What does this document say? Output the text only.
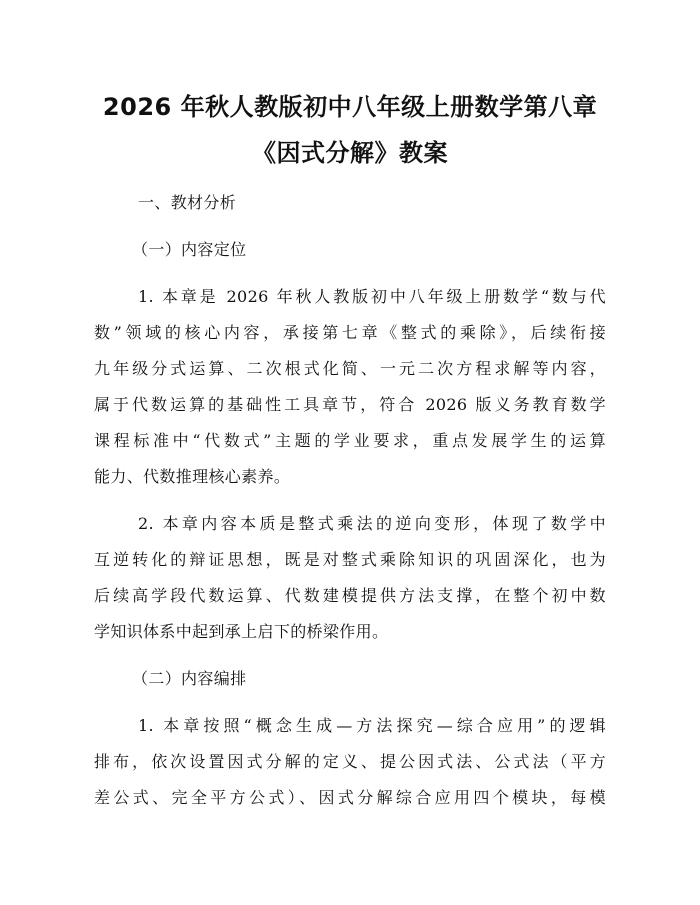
2026 年秋人教版初中八年级上册数学第八章
《因式分解》教案
一、教材分析
（一）内容定位
1. 本章是 2026 年秋人教版初中八年级上册数学“数与代
数”领域的核心内容，承接第七章《整式的乘除》，后续衔接
九年级分式运算、二次根式化简、一元二次方程求解等内容，
属于代数运算的基础性工具章节，符合 2026 版义务教育数学
课程标准中“代数式”主题的学业要求，重点发展学生的运算
能力、代数推理核心素养。
2. 本章内容本质是整式乘法的逆向变形，体现了数学中
互逆转化的辩证思想，既是对整式乘除知识的巩固深化，也为
后续高学段代数运算、代数建模提供方法支撑，在整个初中数
学知识体系中起到承上启下的桥梁作用。
（二）内容编排
1. 本章按照“概念生成—方法探究—综合应用”的逻辑
排布，依次设置因式分解的定义、提公因式法、公式法（平方
差公式、完全平方公式）、因式分解综合应用四个模块，每模
